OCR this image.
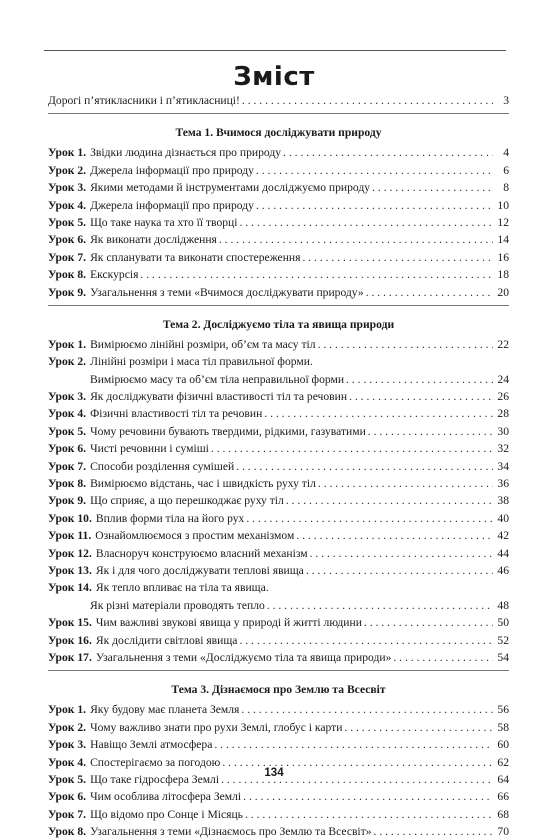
Зміст
Дорогі п’ятикласники і п’ятикласниці! . . .	3
Тема 1. Вчимося досліджувати природу
Урок 1. Звідки людина дізнається про природу . . .	4
Урок 2. Джерела інформації про природу . . .	6
Урок 3. Якими методами й інструментами досліджуємо природу . . .	8
Урок 4. Джерела інформації про природу . . .	10
Урок 5. Що таке наука та хто її творці . . .	12
Урок 6. Як виконати дослідження . . .	14
Урок 7. Як спланувати та виконати спостереження . . .	16
Урок 8. Екскурсія . . .	18
Урок 9. Узагальнення з теми «Вчимося досліджувати природу» . . .	20
Тема 2. Досліджуємо тіла та явища природи
Урок 1. Вимірюємо лінійні розміри, об’єм та масу тіл . . .	22
Урок 2. Лінійні розміри і маса тіл правильної форми.
Вимірюємо масу та об’єм тіла неправильної форми . . .	24
Урок 3. Як досліджувати фізичні властивості тіл та речовин . . .	26
Урок 4. Фізичні властивості тіл та речовин . . .	28
Урок 5. Чому речовини бувають твердими, рідкими, газуватими . . .	30
Урок 6. Чисті речовини і суміші . . .	32
Урок 7. Способи розділення сумішей . . .	34
Урок 8. Вимірюємо відстань, час і швидкість руху тіл . . .	36
Урок 9. Що сприяє, а що перешкоджає руху тіл . . .	38
Урок 10. Вплив форми тіла на його рух . . .	40
Урок 11. Ознайомлюємося з простим механізмом . . .	42
Урок 12. Власноруч конструюємо власний механізм . . .	44
Урок 13. Як і для чого досліджувати теплові явища . . .	46
Урок 14. Як тепло впливає на тіла та явища.
Як різні матеріали проводять тепло . . .	48
Урок 15. Чим важливі звукові явища у природі й житті людини . . .	50
Урок 16. Як дослідити світлові явища . . .	52
Урок 17. Узагальнення з теми «Досліджуємо тіла та явища природи» . . .	54
Тема 3. Дізнаємося про Землю та Всесвіт
Урок 1. Яку будову має планета Земля . . .	56
Урок 2. Чому важливо знати про рухи Землі, глобус і карти . . .	58
Урок 3. Навіщо Землі атмосфера . . .	60
Урок 4. Спостерігаємо за погодою . . .	62
Урок 5. Що таке гідросфера Землі . . .	64
Урок 6. Чим особлива літосфера Землі . . .	66
Урок 7. Що відомо про Сонце і Місяць . . .	68
Урок 8. Узагальнення з теми «Дізнаємось про Землю та Всесвіт» . . .	70
134
